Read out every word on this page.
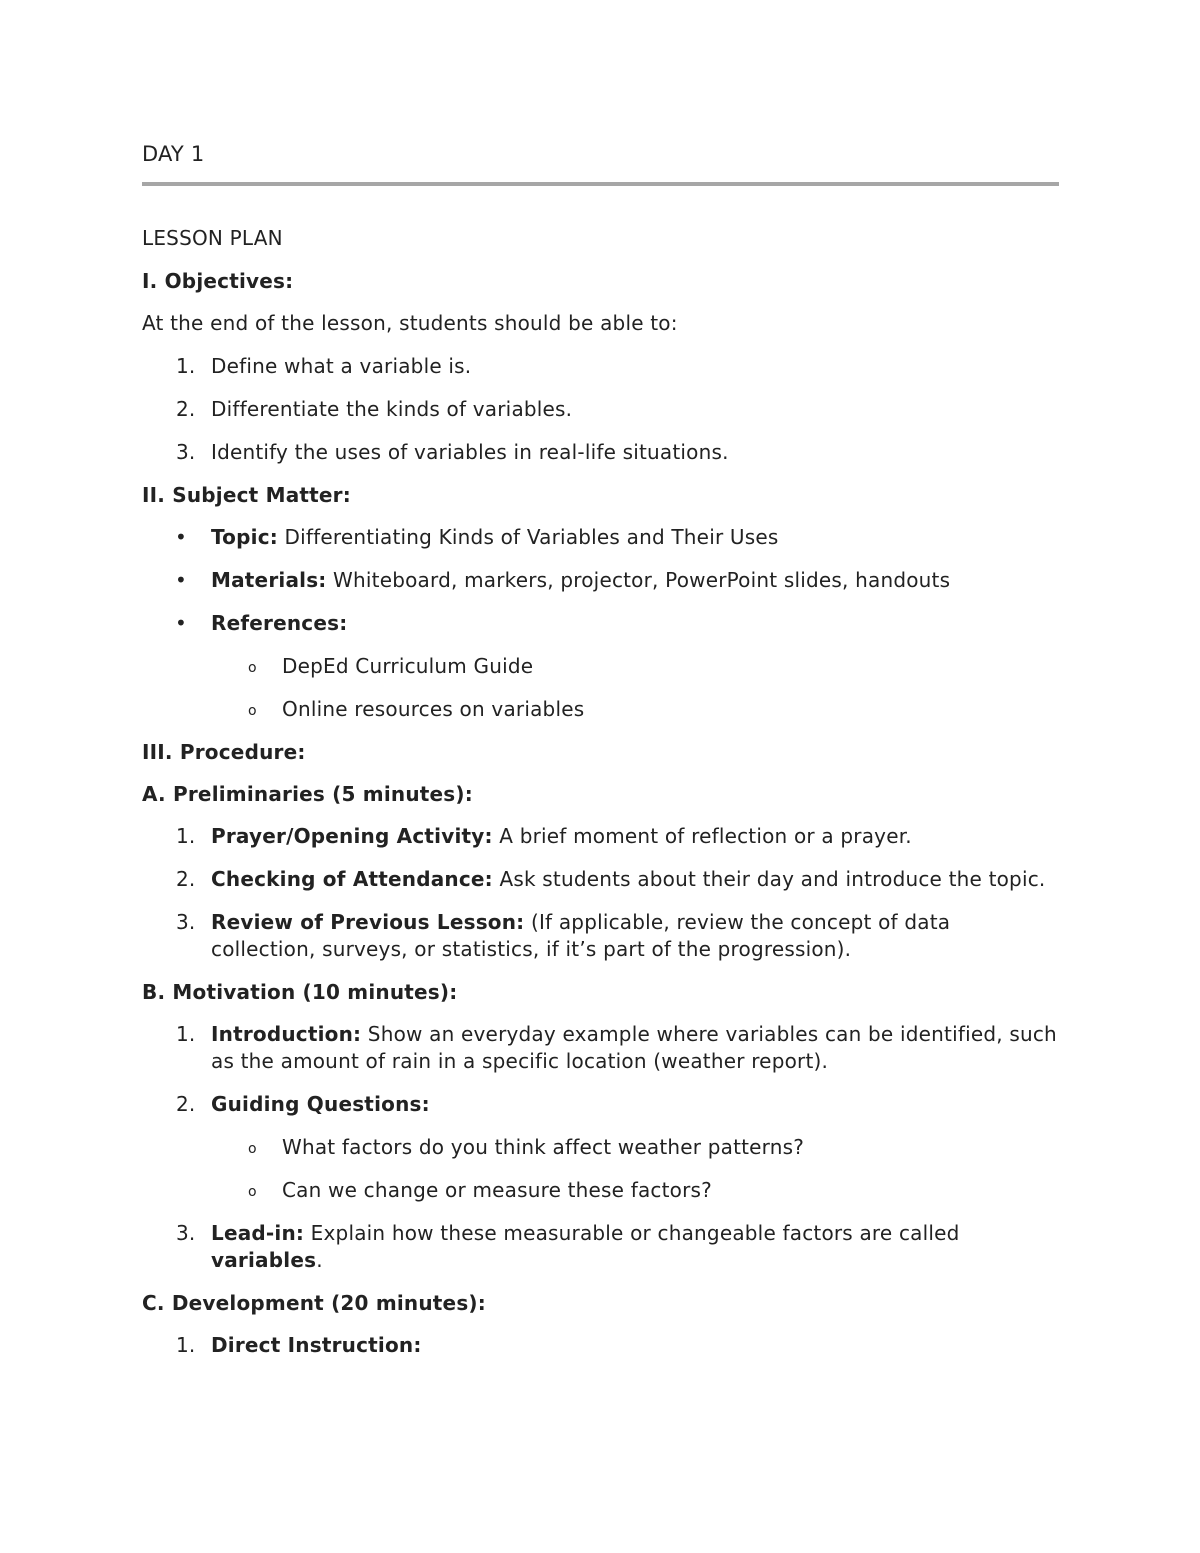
DAY 1
LESSON PLAN
I. Objectives:
At the end of the lesson, students should be able to:
1. Define what a variable is.
2. Differentiate the kinds of variables.
3. Identify the uses of variables in real-life situations.
II. Subject Matter:
• Topic: Differentiating Kinds of Variables and Their Uses
• Materials: Whiteboard, markers, projector, PowerPoint slides, handouts
• References:
o DepEd Curriculum Guide
o Online resources on variables
III. Procedure:
A. Preliminaries (5 minutes):
1. Prayer/Opening Activity: A brief moment of reflection or a prayer.
2. Checking of Attendance: Ask students about their day and introduce the topic.
3. Review of Previous Lesson: (If applicable, review the concept of data collection, surveys, or statistics, if it’s part of the progression).
B. Motivation (10 minutes):
1. Introduction: Show an everyday example where variables can be identified, such as the amount of rain in a specific location (weather report).
2. Guiding Questions:
o What factors do you think affect weather patterns?
o Can we change or measure these factors?
3. Lead-in: Explain how these measurable or changeable factors are called variables.
C. Development (20 minutes):
1. Direct Instruction:
